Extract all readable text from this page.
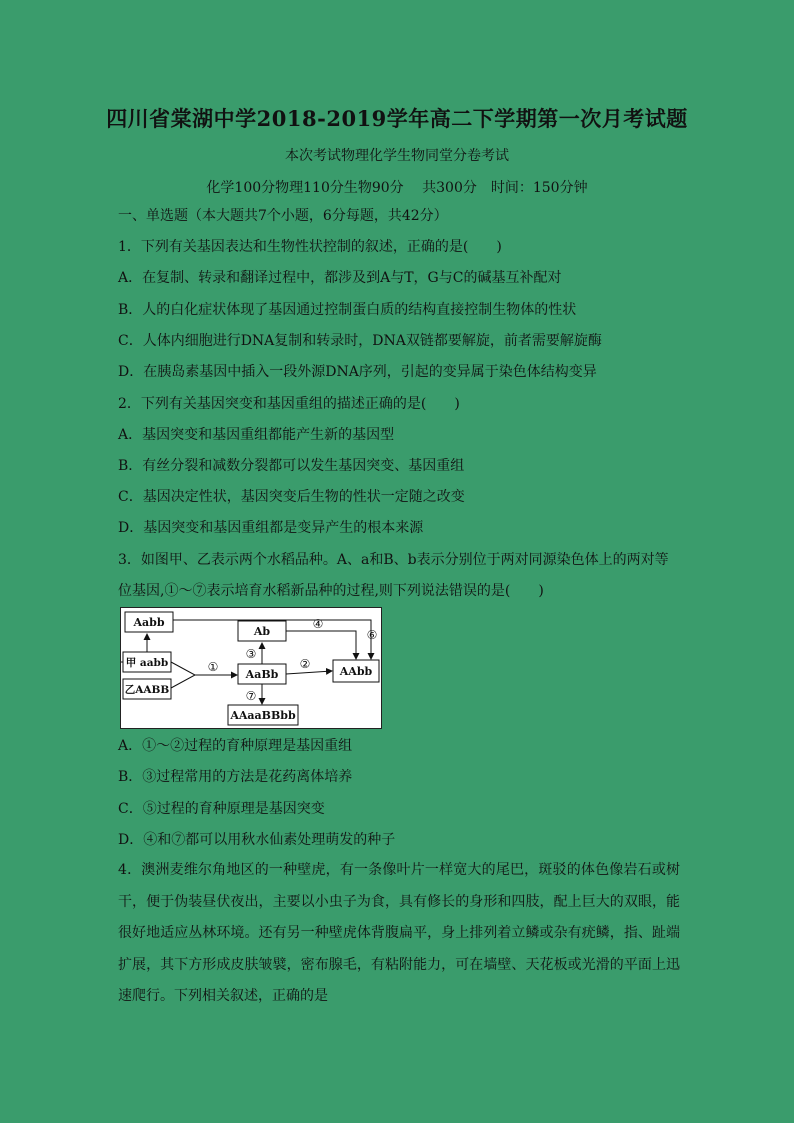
四川省棠湖中学2018-2019学年高二下学期第一次月考试题
本次考试物理化学生物同堂分卷考试
化学100分物理110分生物90分　 共300分　时间：150分钟
一、单选题（本大题共7个小题，6分每题，共42分）
1．下列有关基因表达和生物性状控制的叙述，正确的是(　　)
A．在复制、转录和翻译过程中，都涉及到A与T，G与C的碱基互补配对
B．人的白化症状体现了基因通过控制蛋白质的结构直接控制生物体的性状
C．人体内细胞进行DNA复制和转录时，DNA双链都要解旋，前者需要解旋酶
D．在胰岛素基因中插入一段外源DNA序列，引起的变异属于染色体结构变异
2．下列有关基因突变和基因重组的描述正确的是(　　)
A．基因突变和基因重组都能产生新的基因型
B．有丝分裂和减数分裂都可以发生基因突变、基因重组
C．基因决定性状，基因突变后生物的性状一定随之改变
D．基因突变和基因重组都是变异产生的根本来源
3．如图甲、乙表示两个水稻品种。A、a和B、b表示分别位于两对同源染色体上的两对等
位基因,①～⑦表示培育水稻新品种的过程,则下列说法错误的是(　　)
Aabb
甲 aabb
乙AABB
Ab
AaBb	AAbb
AAaaBBbb
①	②
③
④
⑥
⑦
A．①～②过程的育种原理是基因重组
B．③过程常用的方法是花药离体培养
C．⑤过程的育种原理是基因突变
D．④和⑦都可以用秋水仙素处理萌发的种子
4．澳洲麦维尔角地区的一种壁虎，有一条像叶片一样宽大的尾巴，斑驳的体色像岩石或树干，便于伪装昼伏夜出，主要以小虫子为食，具有修长的身形和四肢，配上巨大的双眼，能很好地适应丛林环境。还有另一种壁虎体背腹扁平，身上排列着立鳞或杂有疣鳞，指、趾端扩展，其下方形成皮肤皱襞，密布腺毛，有粘附能力，可在墙壁、天花板或光滑的平面上迅速爬行。下列相关叙述，正确的是
